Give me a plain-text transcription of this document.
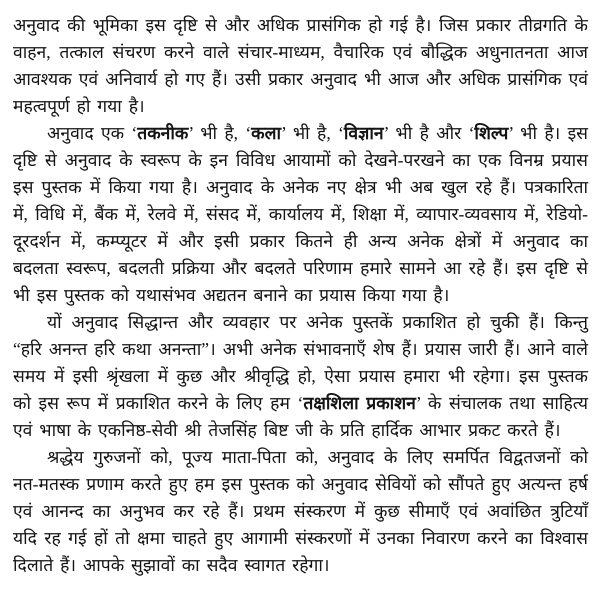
अनुवाद की भूमिका इस दृष्टि से और अधिक प्रासंगिक हो गई है। जिस प्रकार तीव्रगति के वाहन, तत्काल संचरण करने वाले संचार-माध्यम, वैचारिक एवं बौद्धिक अधुनातनता आज आवश्यक एवं अनिवार्य हो गए हैं। उसी प्रकार अनुवाद भी आज और अधिक प्रासंगिक एवं महत्वपूर्ण हो गया है।

अनुवाद एक ‘तकनीक’ भी है, ‘कला’ भी है, ‘विज्ञान’ भी है और ‘शिल्प’ भी है। इस दृष्टि से अनुवाद के स्वरूप के इन विविध आयामों को देखने-परखने का एक विनम्र प्रयास इस पुस्तक में किया गया है। अनुवाद के अनेक नए क्षेत्र भी अब खुल रहे हैं। पत्रकारिता में, विधि में, बैंक में, रेलवे में, संसद में, कार्यालय में, शिक्षा में, व्यापार-व्यवसाय में, रेडियो-दूरदर्शन में, कम्प्यूटर में और इसी प्रकार कितने ही अन्य अनेक क्षेत्रों में अनुवाद का बदलता स्वरूप, बदलती प्रक्रिया और बदलते परिणाम हमारे सामने आ रहे हैं। इस दृष्टि से भी इस पुस्तक को यथासंभव अद्यतन बनाने का प्रयास किया गया है।

यों अनुवाद सिद्धान्त और व्यवहार पर अनेक पुस्तकें प्रकाशित हो चुकी हैं। किन्तु “हरि अनन्त हरि कथा अनन्ता”। अभी अनेक संभावनाएँ शेष हैं। प्रयास जारी हैं। आने वाले समय में इसी श्रृंखला में कुछ और श्रीवृद्धि हो, ऐसा प्रयास हमारा भी रहेगा। इस पुस्तक को इस रूप में प्रकाशित करने के लिए हम ‘तक्षशिला प्रकाशन’ के संचालक तथा साहित्य एवं भाषा के एकनिष्ठ-सेवी श्री तेजसिंह बिष्ट जी के प्रति हार्दिक आभार प्रकट करते हैं।

श्रद्धेय गुरुजनों को, पूज्य माता-पिता को, अनुवाद के लिए समर्पित विद्वतजनों को नत-मतस्क प्रणाम करते हुए हम इस पुस्तक को अनुवाद सेवियों को सौंपते हुए अत्यन्त हर्ष एवं आनन्द का अनुभव कर रहे हैं। प्रथम संस्करण में कुछ सीमाएँ एवं अवांछित त्रुटियाँ यदि रह गई हों तो क्षमा चाहते हुए आगामी संस्करणों में उनका निवारण करने का विश्वास दिलाते हैं। आपके सुझावों का सदैव स्वागत रहेगा।
